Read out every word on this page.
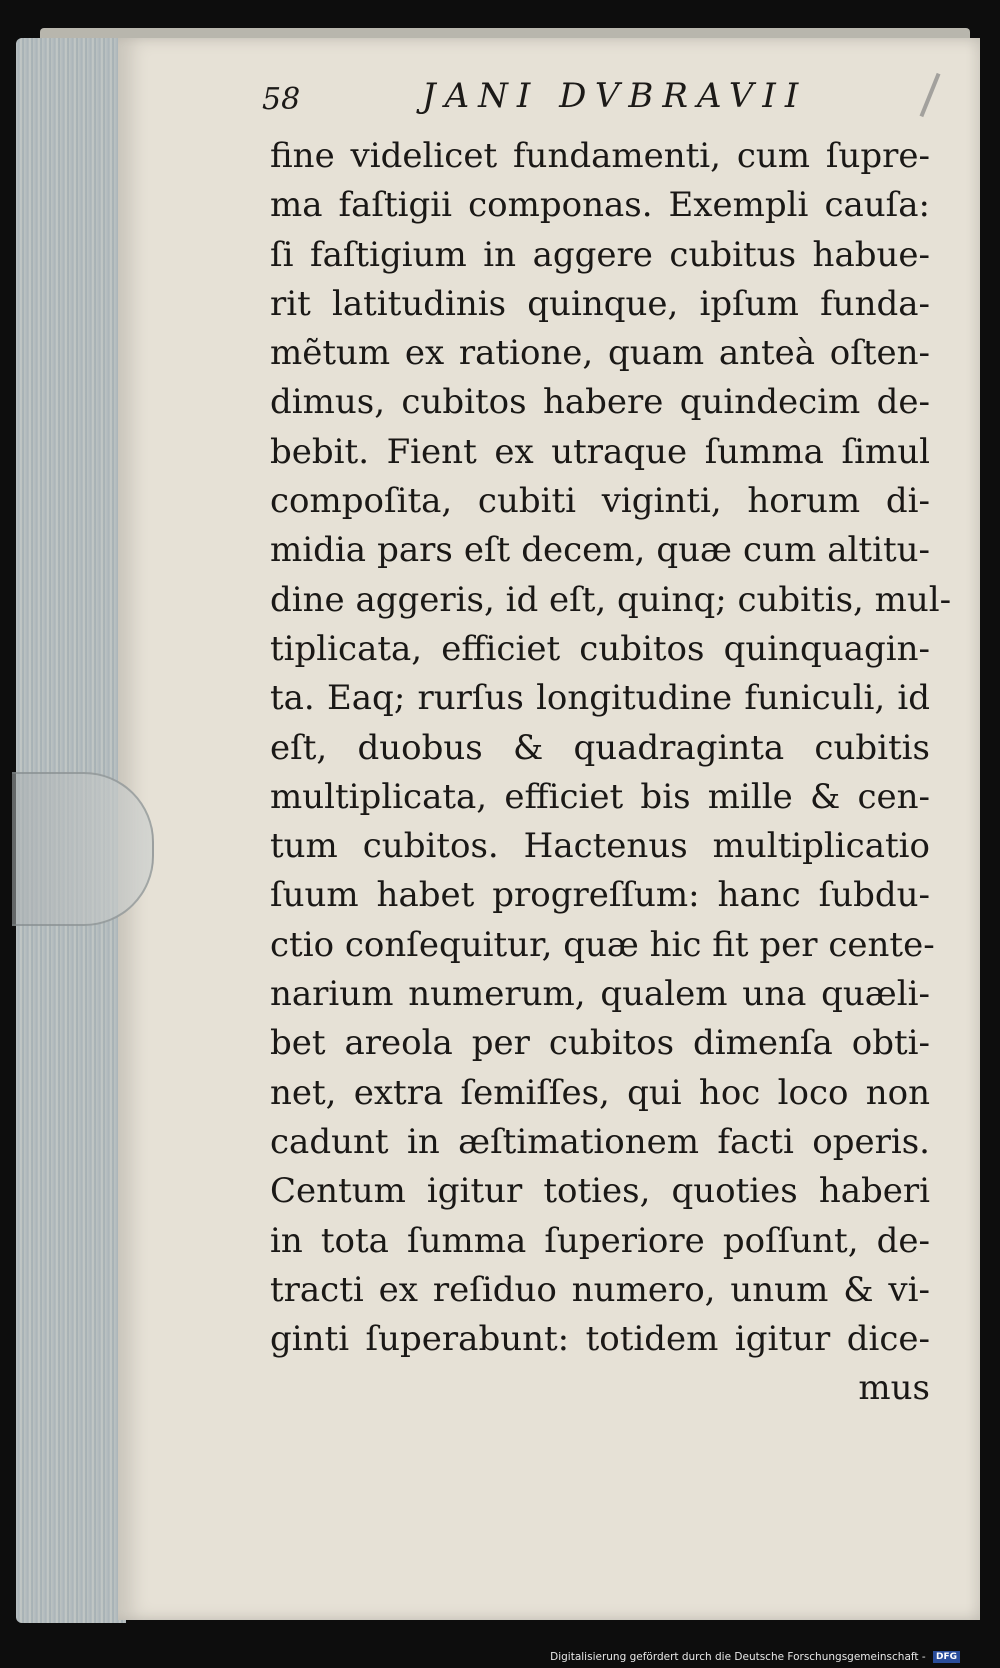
58	JANI DVBRAVII
fine videlicet fundamenti, cum ſupre-
ma faſtigii componas. Exempli cauſa:
ſi faſtigium in aggere cubitus habue-
rit latitudinis quinque, ipſum funda-
mẽtum ex ratione, quam anteà oſten-
dimus, cubitos habere quindecim de-
bebit. Fient ex utraque ſumma ſimul
compoſita, cubiti viginti, horum di-
midia pars eſt decem, quæ cum altitu-
dine aggeris, id eſt, quinq; cubitis, mul-
tiplicata, efficiet cubitos quinquagin-
ta. Eaq; rurſus longitudine funiculi, id
eſt, duobus & quadraginta cubitis
multiplicata, efficiet bis mille & cen-
tum cubitos. Hactenus multiplicatio
ſuum habet progreſſum: hanc ſubdu-
ctio conſequitur, quæ hic fit per cente-
narium numerum, qualem una quæli-
bet areola per cubitos dimenſa obti-
net, extra ſemiſſes, qui hoc loco non
cadunt in æſtimationem facti operis.
Centum igitur toties, quoties haberi
in tota ſumma ſuperiore poſſunt, de-
tracti ex reſiduo numero, unum & vi-
ginti ſuperabunt: totidem igitur dice-
mus
Digitalisierung gefördert durch die Deutsche Forschungsgemeinschaft - DFG
